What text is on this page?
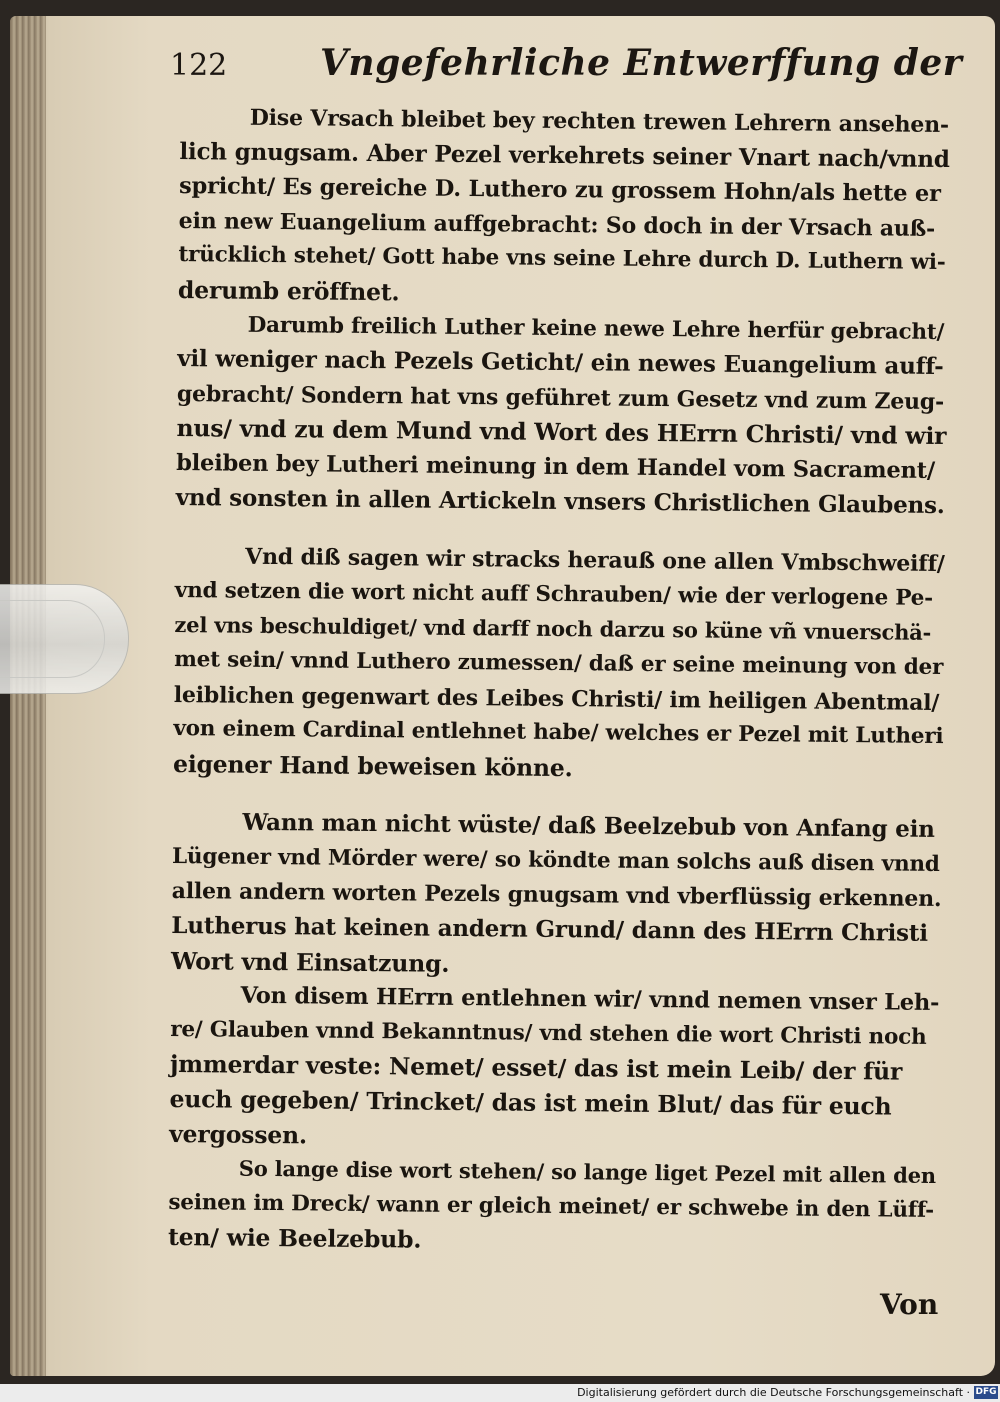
122	Vngefehrliche Entwerffung der
Dise Vrsach bleibet bey rechten trewen Lehrern ansehen-
lich gnugsam. Aber Pezel verkehrets seiner Vnart nach/vnnd
spricht/ Es gereiche D. Luthero zu grossem Hohn/als hette er
ein new Euangelium auffgebracht: So doch in der Vrsach auß-
trücklich stehet/ Gott habe vns seine Lehre durch D. Luthern wi-
derumb eröffnet.
Darumb freilich Luther keine newe Lehre herfür gebracht/
vil weniger nach Pezels Geticht/ ein newes Euangelium auff-
gebracht/ Sondern hat vns geführet zum Gesetz vnd zum Zeug-
nus/ vnd zu dem Mund vnd Wort des HErrn Christi/ vnd wir
bleiben bey Lutheri meinung in dem Handel vom Sacrament/
vnd sonsten in allen Artickeln vnsers Christlichen Glaubens.
Vnd diß sagen wir stracks herauß one allen Vmbschweiff/
vnd setzen die wort nicht auff Schrauben/ wie der verlogene Pe-
zel vns beschuldiget/ vnd darff noch darzu so küne vñ vnuerschä-
met sein/ vnnd Luthero zumessen/ daß er seine meinung von der
leiblichen gegenwart des Leibes Christi/ im heiligen Abentmal/
von einem Cardinal entlehnet habe/ welches er Pezel mit Lutheri
eigener Hand beweisen könne.
Wann man nicht wüste/ daß Beelzebub von Anfang ein
Lügener vnd Mörder were/ so köndte man solchs auß disen vnnd
allen andern worten Pezels gnugsam vnd vberflüssig erkennen.
Lutherus hat keinen andern Grund/ dann des HErrn Christi
Wort vnd Einsatzung.
Von disem HErrn entlehnen wir/ vnnd nemen vnser Leh-
re/ Glauben vnnd Bekanntnus/ vnd stehen die wort Christi noch
jmmerdar veste: Nemet/ esset/ das ist mein Leib/ der für
euch gegeben/ Trincket/ das ist mein Blut/ das für euch
vergossen.
So lange dise wort stehen/ so lange liget Pezel mit allen den
seinen im Dreck/ wann er gleich meinet/ er schwebe in den Lüff-
ten/ wie Beelzebub.
Von
Digitalisierung gefördert durch die Deutsche Forschungsgemeinschaft · DFG
